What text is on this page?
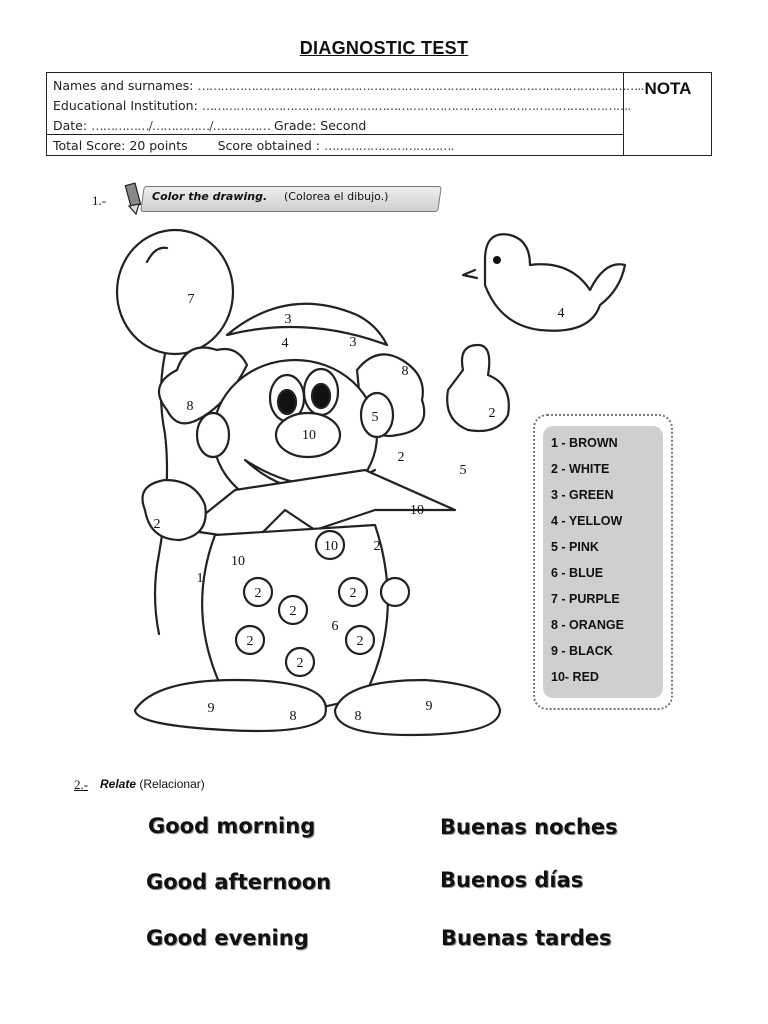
DIAGNOSTIC TEST
Names and surnames: ……………………………………………………………………….……………………………..
Educational Institution: ………………………………………………………………………………………………….
Date: ……………/……………/…………… Grade: Second
Total Score: 20 points Score obtained : …………………………….
NOTA
1.-	Color the drawing. (Colorea el dibujo.)
7
3
4	3
8
8
5	2
10
2
5
2
10
10	2
2
10
1
2
2
6
2	2
2
9
8	8
9
4
1 - BROWN
2 - WHITE
3 - GREEN
4 - YELLOW
5 - PINK
6 - BLUE
7 - PURPLE
8 - ORANGE
9 - BLACK
10- RED
2.- Relate (Relacionar)
Good morning
Good afternoon
Good evening
Buenas noches
Buenos días
Buenas tardes
